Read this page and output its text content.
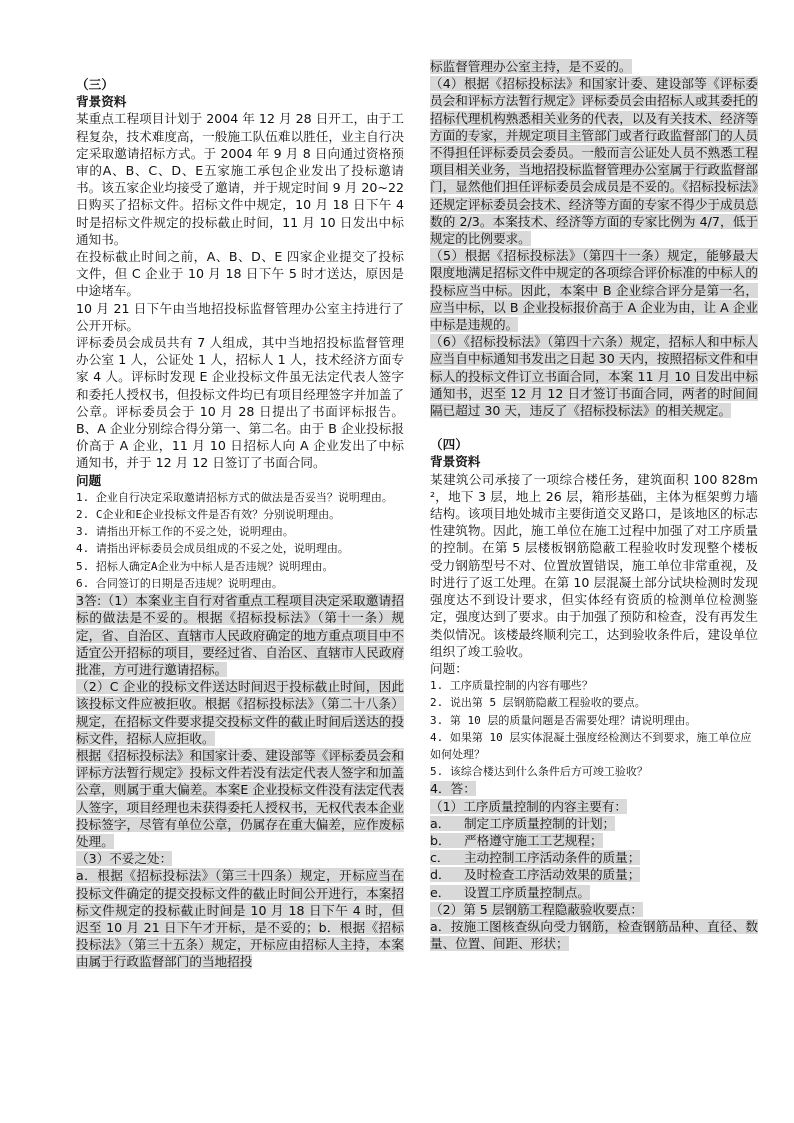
（三）

背景资料

某重点工程项目计划于 2004 年 12 月 28 日开工，由于工程复杂，技术难度高，一般施工队伍难以胜任，业主自行决定采取邀请招标方式。于 2004 年 9 月 8 日向通过资格预审的A、B、C、D、E五家施工承包企业发出了投标邀请书。该五家企业均接受了邀请，并于规定时间 9 月 20~22 日购买了招标文件。招标文件中规定，10 月 18 日下午 4 时是招标文件规定的投标截止时间，11 月 10 日发出中标通知书。

在投标截止时间之前，A、B、D、E 四家企业提交了投标文件，但 C 企业于 10 月 18 日下午 5 时才送达，原因是中途堵车。

10 月 21 日下午由当地招投标监督管理办公室主持进行了公开开标。

评标委员会成员共有 7 人组成，其中当地招投标监督管理办公室 1 人，公证处 1 人，招标人 1 人，技术经济方面专家 4 人。评标时发现 E 企业投标文件虽无法定代表人签字和委托人授权书，但投标文件均已有项目经理签字并加盖了公章。评标委员会于 10 月 28 日提出了书面评标报告。B、A 企业分别综合得分第一、第二名。由于 B 企业投标报价高于 A 企业，11 月 10 日招标人向 A 企业发出了中标通知书，并于 12 月 12 日签订了书面合同。

问题

1. 企业自行决定采取邀请招标方式的做法是否妥当？说明理由。

2. C企业和E企业投标文件是否有效？分别说明理由。

3. 请指出开标工作的不妥之处，说明理由。

4. 请指出评标委员会成员组成的不妥之处，说明理由。

5. 招标人确定A企业为中标人是否违规？说明理由。

6. 合同签订的日期是否违规？说明理由。

3答:（1）本案业主自行对省重点工程项目决定采取邀请招标的做法是不妥的。根据《招标投标法》（第十一条）规定，省、自治区、直辖市人民政府确定的地方重点项目中不适宜公开招标的项目，要经过省、自治区、直辖市人民政府批准，方可进行邀请招标。

（2）C 企业的投标文件送达时间迟于投标截止时间，因此该投标文件应被拒收。根据《招标投标法》（第二十八条）规定，在招标文件要求提交投标文件的截止时间后送达的投标文件，招标人应拒收。

根据《招标投标法》和国家计委、建设部等《评标委员会和评标方法暂行规定》投标文件若没有法定代表人签字和加盖公章，则属于重大偏差。本案E 企业投标文件没有法定代表人签字，项目经理也未获得委托人授权书，无权代表本企业投标签字，尽管有单位公章，仍属存在重大偏差，应作废标处理。

（3）不妥之处：

a．根据《招标投标法》（第三十四条）规定，开标应当在投标文件确定的提交投标文件的截止时间公开进行，本案招标文件规定的投标截止时间是 10 月 18 日下午 4 时，但迟至 10 月 21 日下午才开标，是不妥的；b．根据《招标投标法》（第三十五条）规定，开标应由招标人主持，本案由属于行政监督部门的当地招投

标监督管理办公室主持，是不妥的。

（4）根据《招标投标法》和国家计委、建设部等《评标委员会和评标方法暂行规定》评标委员会由招标人或其委托的招标代理机构熟悉相关业务的代表，以及有关技术、经济等方面的专家，并规定项目主管部门或者行政监督部门的人员不得担任评标委员会委员。一般而言公证处人员不熟悉工程项目相关业务，当地招投标监督管理办公室属于行政监督部门，显然他们担任评标委员会成员是不妥的。《招标投标法》还规定评标委员会技术、经济等方面的专家不得少于成员总数的 2/3。本案技术、经济等方面的专家比例为 4/7，低于规定的比例要求。

（5）根据《招标投标法》（第四十一条）规定，能够最大限度地满足招标文件中规定的各项综合评价标准的中标人的投标应当中标。因此，本案中 B 企业综合评分是第一名，应当中标，以 B 企业投标报价高于 A 企业为由，让 A 企业中标是违规的。

（6）《招标投标法》（第四十六条）规定，招标人和中标人应当自中标通知书发出之日起 30 天内，按照招标文件和中标人的投标文件订立书面合同，本案 11 月 10 日发出中标通知书，迟至 12 月 12 日才签订书面合同，两者的时间间隔已超过 30 天，违反了《招标投标法》的相关规定。

（四）

背景资料

某建筑公司承接了一项综合楼任务，建筑面积 100 828m²，地下 3 层，地上 26 层，箱形基础，主体为框架剪力墙结构。该项目地处城市主要街道交叉路口，是该地区的标志性建筑物。因此，施工单位在施工过程中加强了对工序质量的控制。在第 5 层楼板钢筋隐蔽工程验收时发现整个楼板受力钢筋型号不对、位置放置错误，施工单位非常重视，及时进行了返工处理。在第 10 层混凝土部分试块检测时发现强度达不到设计要求，但实体经有资质的检测单位检测鉴定，强度达到了要求。由于加强了预防和检查，没有再发生类似情况。该楼最终顺利完工，达到验收条件后，建设单位组织了竣工验收。

问题：

1. 工序质量控制的内容有哪些？

2. 说出第 5 层钢筋隐蔽工程验收的要点。

3. 第 10 层的质量问题是否需要处理？请说明理由。

4. 如果第 10 层实体混凝土强度经检测达不到要求，施工单位应如何处理？

5. 该综合楼达到什么条件后方可竣工验收？

4．答：

（1）工序质量控制的内容主要有：

a． 制定工序质量控制的计划；

b． 严格遵守施工工艺规程；

c． 主动控制工序活动条件的质量；

d． 及时检查工序活动效果的质量；

e． 设置工序质量控制点。

（2）第 5 层钢筋工程隐蔽验收要点：

a．按施工图核查纵向受力钢筋，检查钢筋品种、直径、数量、位置、间距、形状；
